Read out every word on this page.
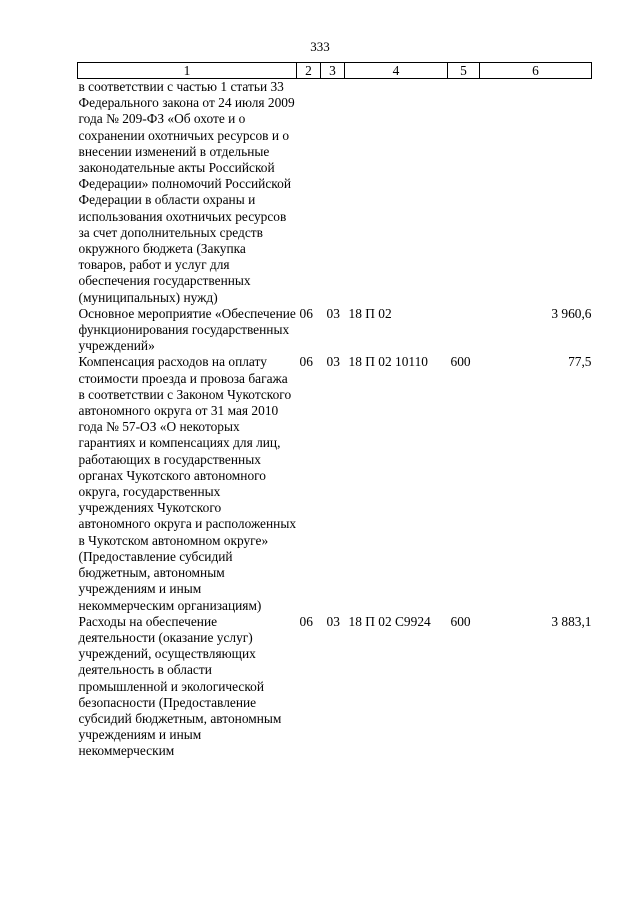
333
1	2	3	4	5	6
в соответствии с частью 1 статьи 33 Федерального закона от 24 июля 2009 года № 209-ФЗ «Об охоте и о сохранении охотничьих ресурсов и о внесении изменений в отдельные законодательные акты Российской Федерации» полномочий Российской Федерации в области охраны и использования охотничьих ресурсов за счет дополнительных средств окружного бюджета (Закупка товаров, работ и услуг для обеспечения государственных (муниципальных) нужд)					
Основное мероприятие «Обеспечение функционирования государственных учреждений»	06	03	18 П 02		3 960,6
Компенсация расходов на оплату стоимости проезда и провоза багажа в соответствии с Законом Чукотского автономного округа от 31 мая 2010 года № 57-ОЗ «О некоторых гарантиях и компенсациях для лиц, работающих в государственных органах Чукотского автономного округа, государственных учреждениях Чукотского автономного округа и расположенных в Чукотском автономном округе» (Предоставление субсидий бюджетным, автономным учреждениям и иным некоммерческим организациям)	06	03	18 П 02 10110	600	77,5
Расходы на обеспечение деятельности (оказание услуг) учреждений, осуществляющих деятельность в области промышленной и экологической безопасности (Предоставление субсидий бюджетным, автономным учреждениям и иным некоммерческим	06	03	18 П 02 С9924	600	3 883,1
